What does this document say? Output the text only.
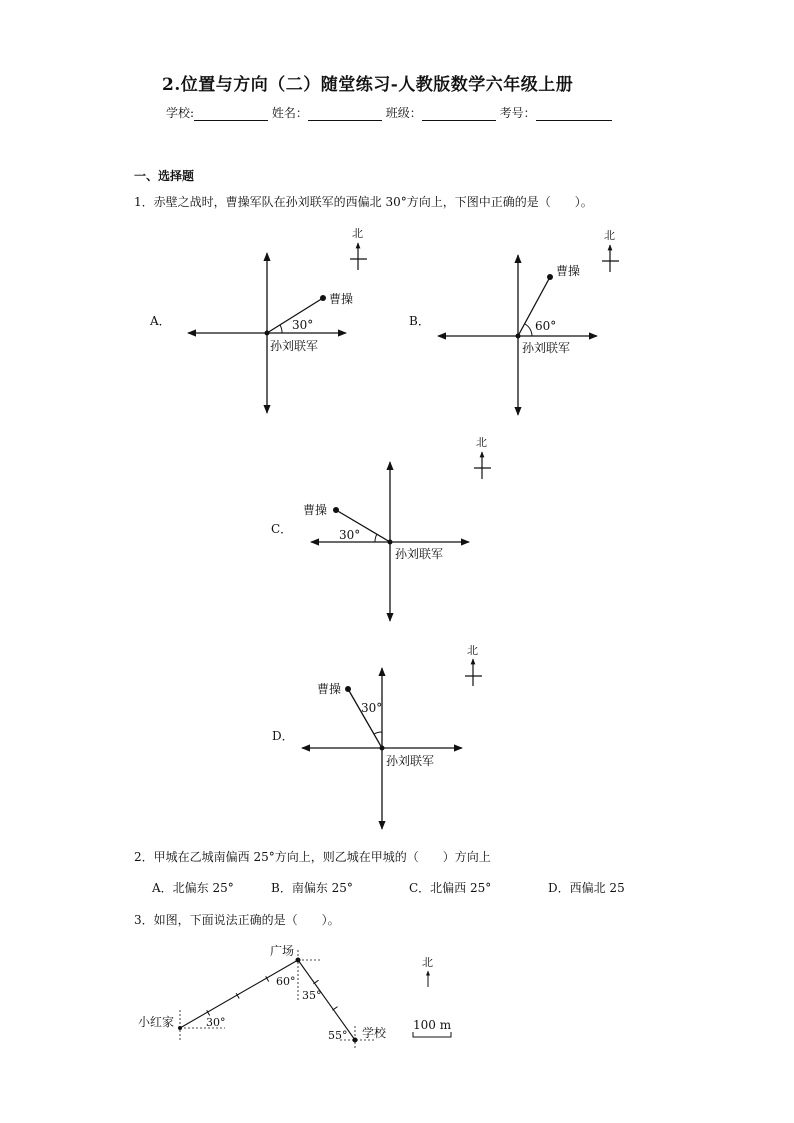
2.位置与方向（二）随堂练习-人教版数学六年级上册
学校:	姓名：	班级：	考号：
一、选择题
1．赤壁之战时，曹操军队在孙刘联军的西偏北 30°方向上，下图中正确的是（　　）。
A．
曹操
30°
孙刘联军
北
B．
曹操
60°
孙刘联军
北
C．
曹操
30°
孙刘联军
北
D．
曹操
30°
孙刘联军
北
广场
小红家
学校
30°
60°
35°
55°
北
100 m
2．甲城在乙城南偏西 25°方向上，则乙城在甲城的（　　）方向上
A．北偏东 25°	B．南偏东 25°	C．北偏西 25°	D．西偏北 25
3．如图，下面说法正确的是（　　）。
